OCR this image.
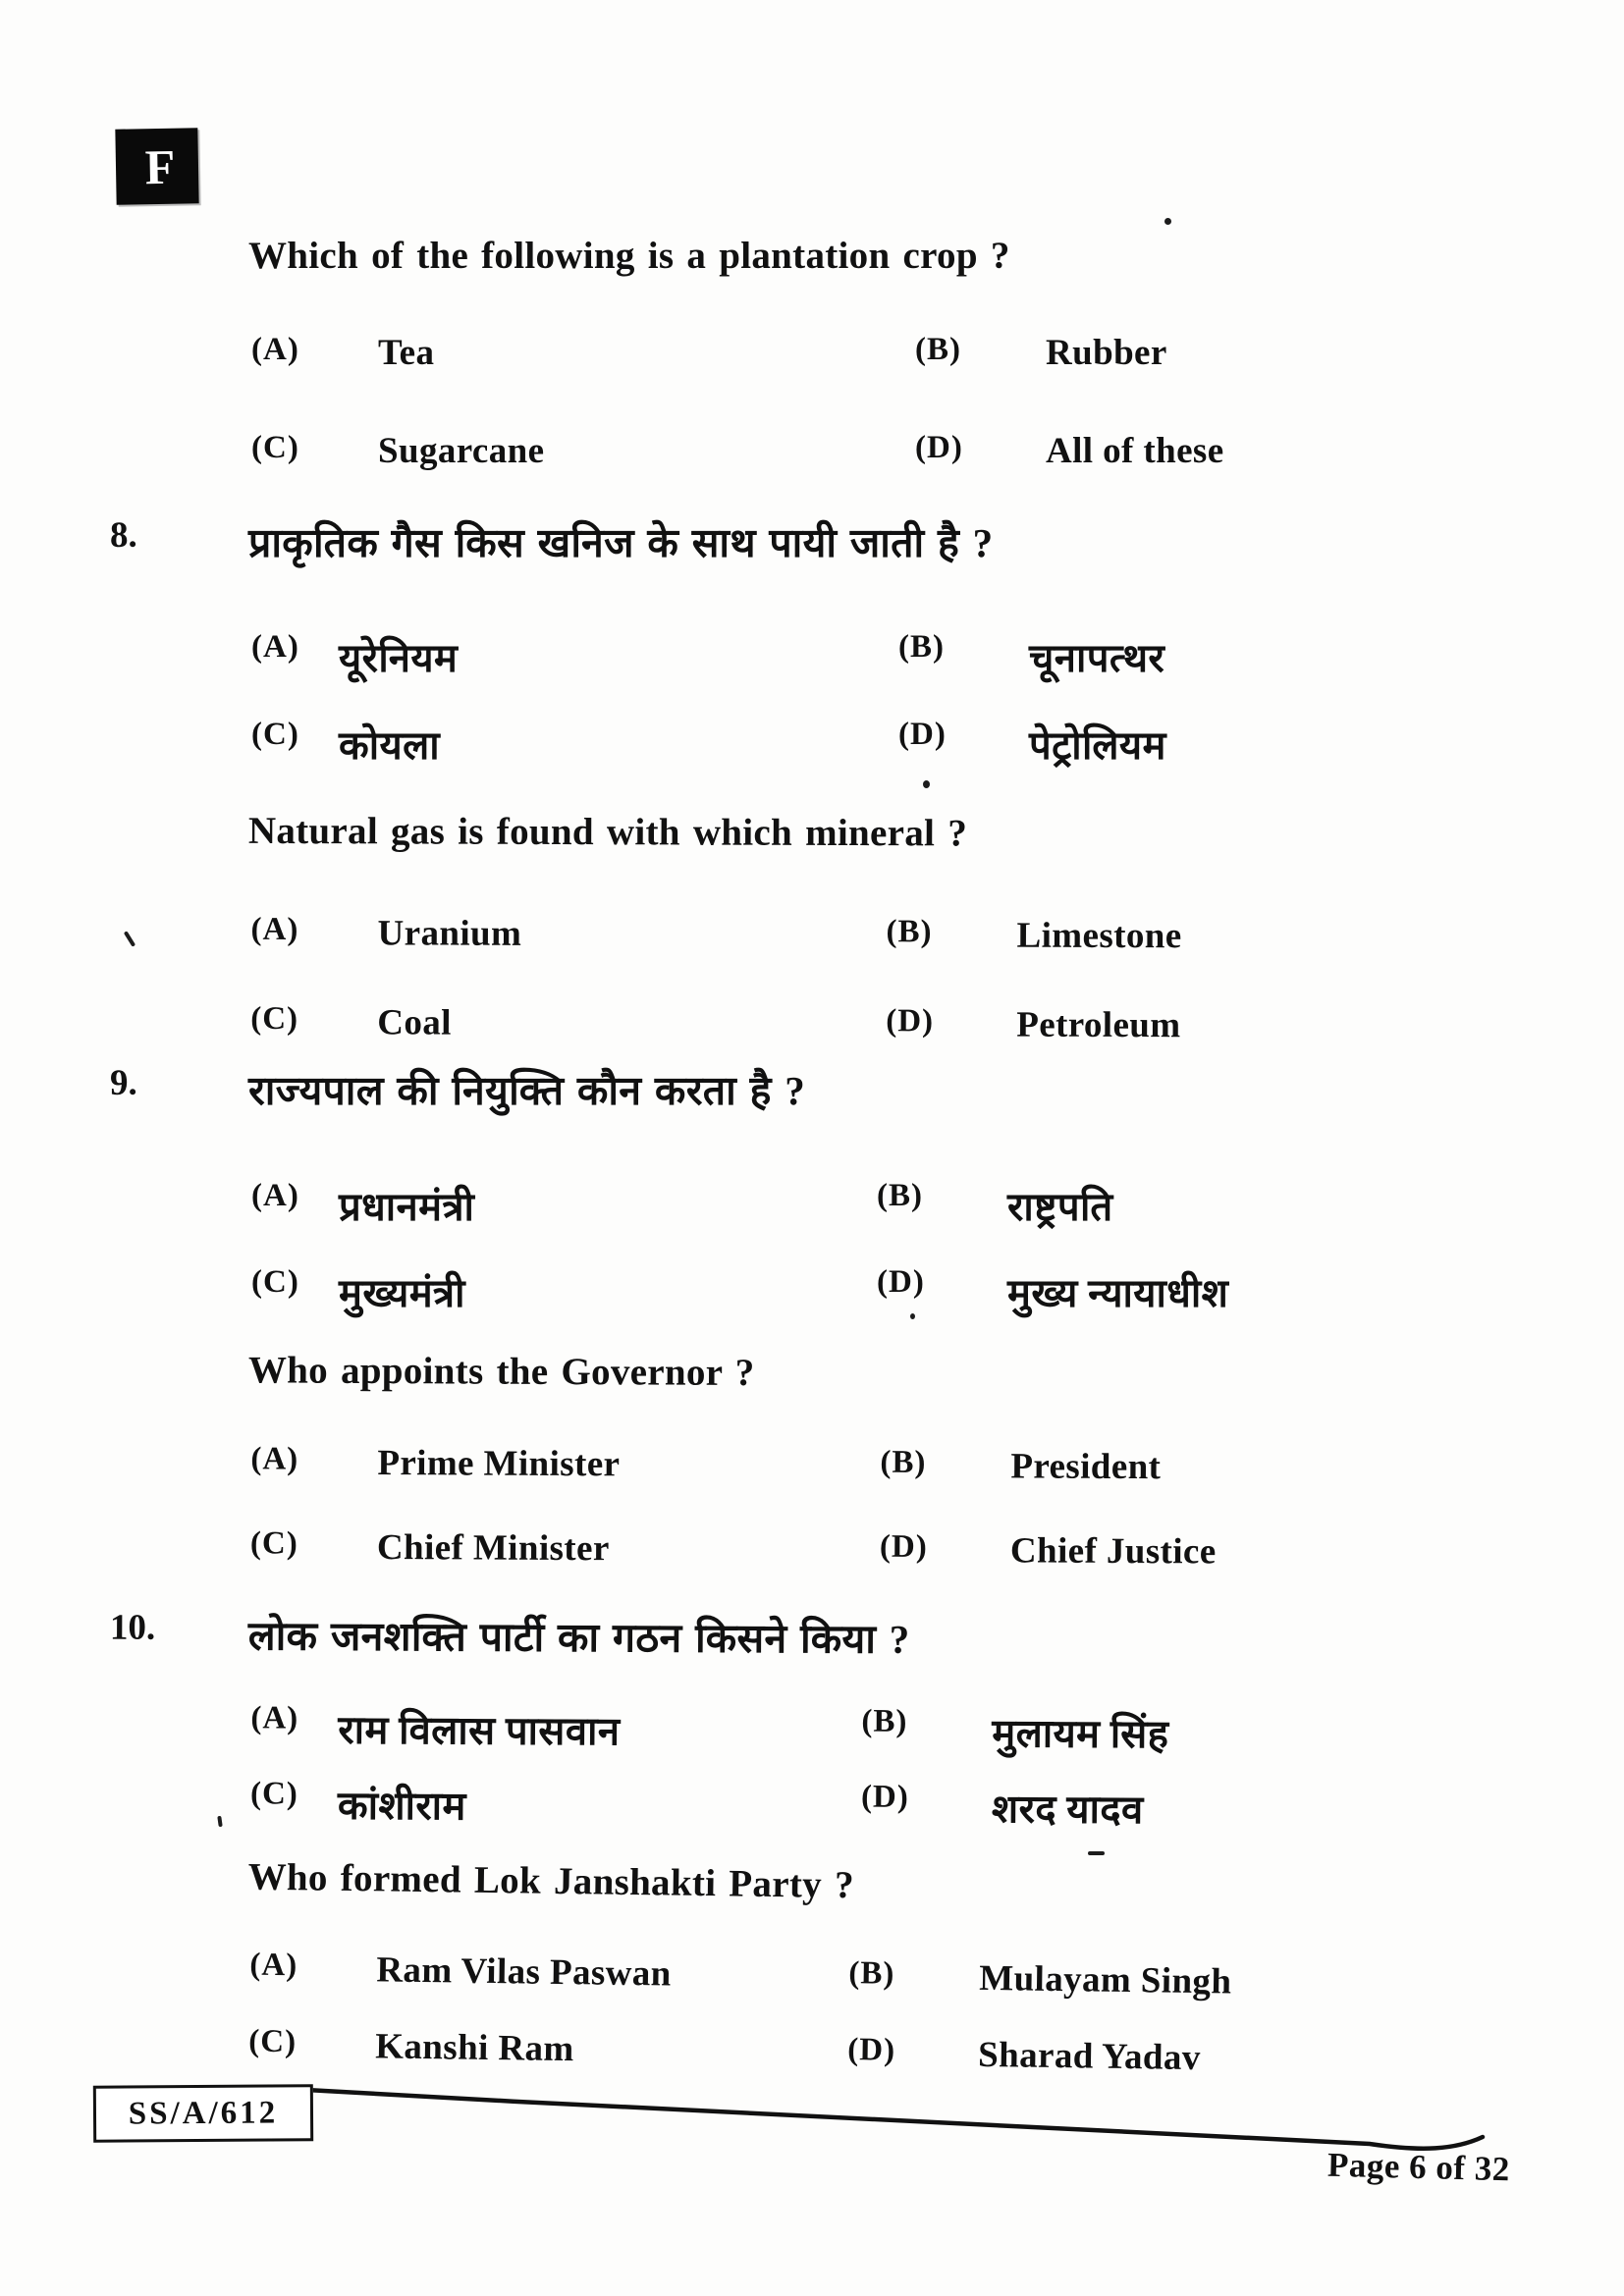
F
Which of the following is a plantation crop ?
(A) Tea	(B) Rubber
(C) Sugarcane	(D) All of these
8.	प्राकृतिक गैस किस खनिज के साथ पायी जाती है ?
(A) यूरेनियम	(B) चूनापत्थर
(C) कोयला	(D) पेट्रोलियम
Natural gas is found with which mineral ?
(A) Uranium	(B) Limestone
(C) Coal	(D) Petroleum
9.	राज्यपाल की नियुक्ति कौन करता है ?
(A) प्रधानमंत्री	(B) राष्ट्रपति
(C) मुख्यमंत्री	(D) मुख्य न्यायाधीश
Who appoints the Governor ?
(A) Prime Minister	(B) President
(C) Chief Minister	(D) Chief Justice
10. लोक जनशक्ति पार्टी का गठन किसने किया ?
(A) राम विलास पासवान	(B) मुलायम सिंह
(C) कांशीराम	(D) शरद यादव
Who formed Lok Janshakti Party ?
(A) Ram Vilas Paswan	(B) Mulayam Singh
(C) Kanshi Ram	(D) Sharad Yadav
SS/A/612
Page 6 of 32
